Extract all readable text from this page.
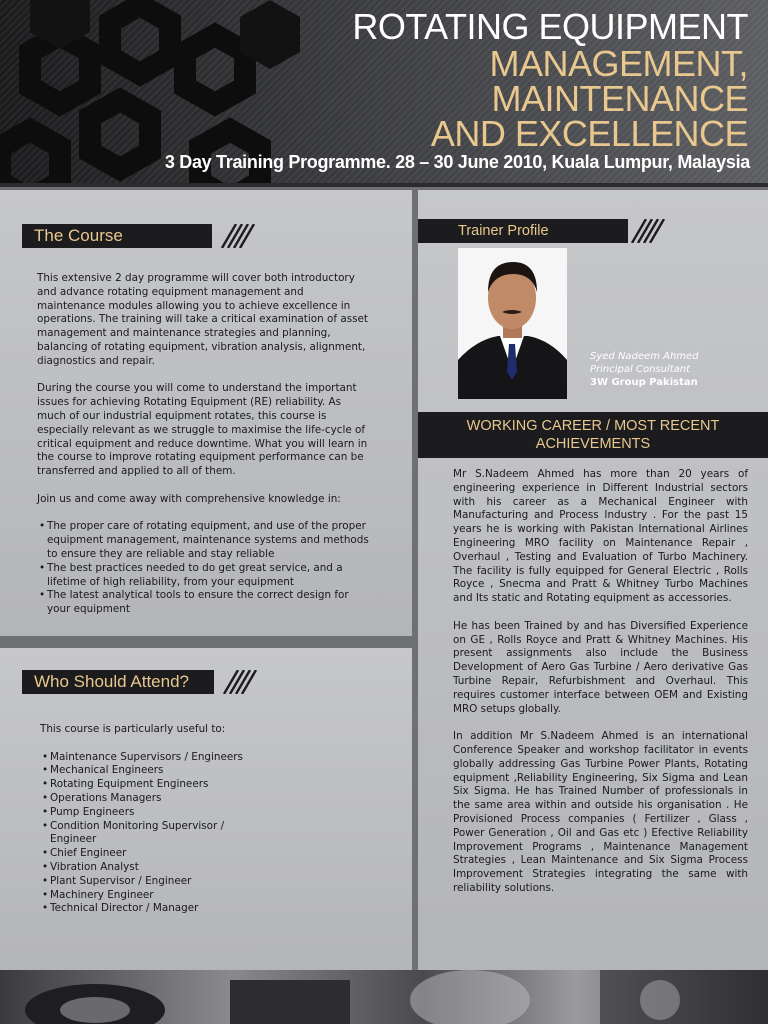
ROTATING EQUIPMENT
MANAGEMENT,
MAINTENANCE
AND EXCELLENCE
3 Day Training Programme. 28 – 30 June 2010, Kuala Lumpur, Malaysia
The Course

This extensive 2 day programme will cover both introductory and advance rotating equipment management and maintenance modules allowing you to achieve excellence in operations. The training will take a critical examination of asset management and maintenance strategies and planning, balancing of rotating equipment, vibration analysis, alignment, diagnostics and repair.

During the course you will come to understand the important issues for achieving Rotating Equipment (RE) reliability. As much of our industrial equipment rotates, this course is especially relevant as we struggle to maximise the life-cycle of critical equipment and reduce downtime. What you will learn in the course to improve rotating equipment performance can be transferred and applied to all of them.

Join us and come away with comprehensive knowledge in:

• The proper care of rotating equipment, and use of the proper equipment management, maintenance systems and methods to ensure they are reliable and stay reliable
• The best practices needed to do get great service, and a lifetime of high reliability, from your equipment
• The latest analytical tools to ensure the correct design for your equipment
Who Should Attend?

This course is particularly useful to:

• Maintenance Supervisors / Engineers
• Mechanical Engineers
• Rotating Equipment Engineers
• Operations Managers
• Pump Engineers
• Condition Monitoring Supervisor / Engineer
• Chief Engineer
• Vibration Analyst
• Plant Supervisor / Engineer
• Machinery Engineer
• Technical Director / Manager
Trainer Profile
Syed Nadeem Ahmed
Principal Consultant
3W Group Pakistan
WORKING CAREER / MOST RECENT
ACHIEVEMENTS

Mr S.Nadeem Ahmed has more than 20 years of engineering experience in Different Industrial sectors with his career as a Mechanical Engineer with Manufacturing and Process Industry . For the past 15 years he is working with Pakistan International Airlines Engineering MRO facility on Maintenance Repair , Overhaul , Testing and Evaluation of Turbo Machinery. The facility is fully equipped for General Electric , Rolls Royce , Snecma and Pratt & Whitney Turbo Machines and Its static and Rotating equipment as accessories.

He has been Trained by and has Diversified Experience on GE , Rolls Royce and Pratt & Whitney Machines. His present assignments also include the Business Development of Aero Gas Turbine / Aero derivative Gas Turbine Repair, Refurbishment and Overhaul. This requires customer interface between OEM and Existing MRO setups globally.

In addition Mr S.Nadeem Ahmed is an international Conference Speaker and workshop facilitator in events globally addressing Gas Turbine Power Plants, Rotating equipment ,Reliability Engineering, Six Sigma and Lean Six Sigma. He has Trained Number of professionals in the same area within and outside his organisation . He Provisioned Process companies ( Fertilizer , Glass , Power Generation , Oil and Gas etc ) Efective Reliability Improvement Programs , Maintenance Management Strategies , Lean Maintenance and Six Sigma Process Improvement Strategies integrating the same with reliability solutions.
